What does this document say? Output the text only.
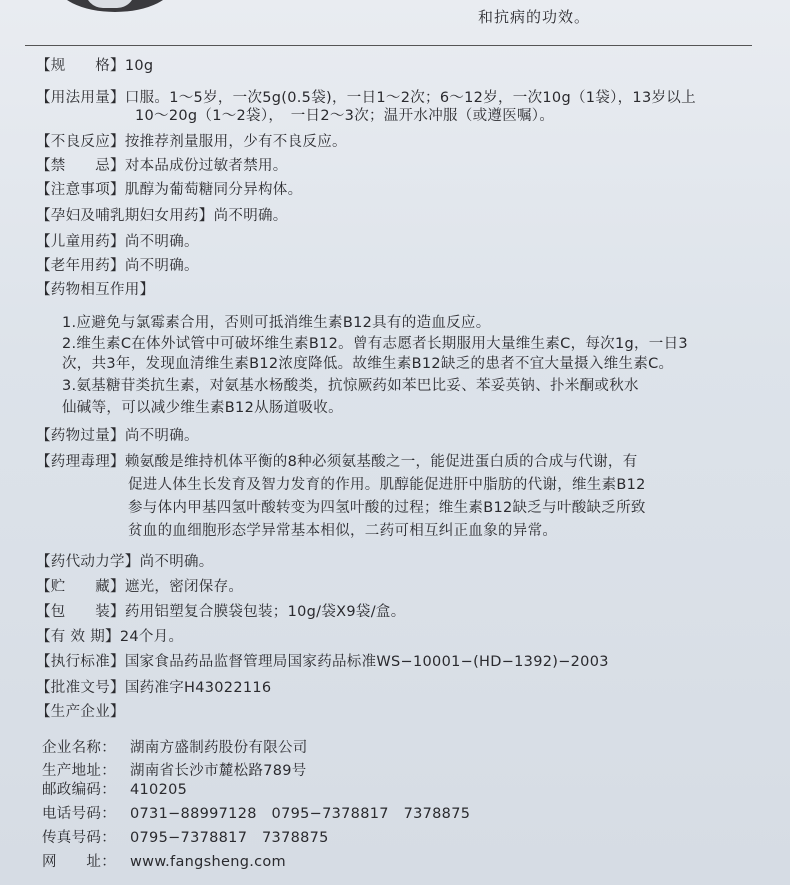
和抗病的功效。
【规　　格】10g
【用法用量】口服。1～5岁，一次5g(0.5袋)，一日1～2次；6～12岁，一次10g（1袋），13岁以上
10～20g（1～2袋），　一日2～3次；温开水冲服（或遵医嘱）。
【不良反应】按推荐剂量服用，少有不良反应。
【禁　　忌】对本品成份过敏者禁用。
【注意事项】肌醇为葡萄糖同分异构体。
【孕妇及哺乳期妇女用药】尚不明确。
【儿童用药】尚不明确。
【老年用药】尚不明确。
【药物相互作用】
1.应避免与氯霉素合用，否则可抵消维生素B12具有的造血反应。
2.维生素C在体外试管中可破坏维生素B12。曾有志愿者长期服用大量维生素C，每次1g，一日3
次，共3年，发现血清维生素B12浓度降低。故维生素B12缺乏的患者不宜大量摄入维生素C。
3.氨基糖苷类抗生素，对氨基水杨酸类，抗惊厥药如苯巴比妥、苯妥英钠、扑米酮或秋水
仙碱等，可以减少维生素B12从肠道吸收。
【药物过量】尚不明确。
【药理毒理】赖氨酸是维持机体平衡的8种必须氨基酸之一，能促进蛋白质的合成与代谢，有
促进人体生长发育及智力发育的作用。肌醇能促进肝中脂肪的代谢，维生素B12
参与体内甲基四氢叶酸转变为四氢叶酸的过程；维生素B12缺乏与叶酸缺乏所致
贫血的血细胞形态学异常基本相似，二药可相互纠正血象的异常。
【药代动力学】尚不明确。
【贮　　藏】遮光，密闭保存。
【包　　装】药用铝塑复合膜袋包装；10g/袋X9袋/盒。
【有 效 期】24个月。
【执行标准】国家食品药品监督管理局国家药品标准WS−10001−(HD−1392)−2003
【批准文号】国药准字H43022116
【生产企业】
企业名称： 湖南方盛制药股份有限公司
生产地址： 湖南省长沙市麓松路789号
邮政编码： 410205
电话号码： 0731−88997128　0795−7378817　7378875
传真号码： 0795−7378817　7378875
网　　址： www.fangsheng.com
